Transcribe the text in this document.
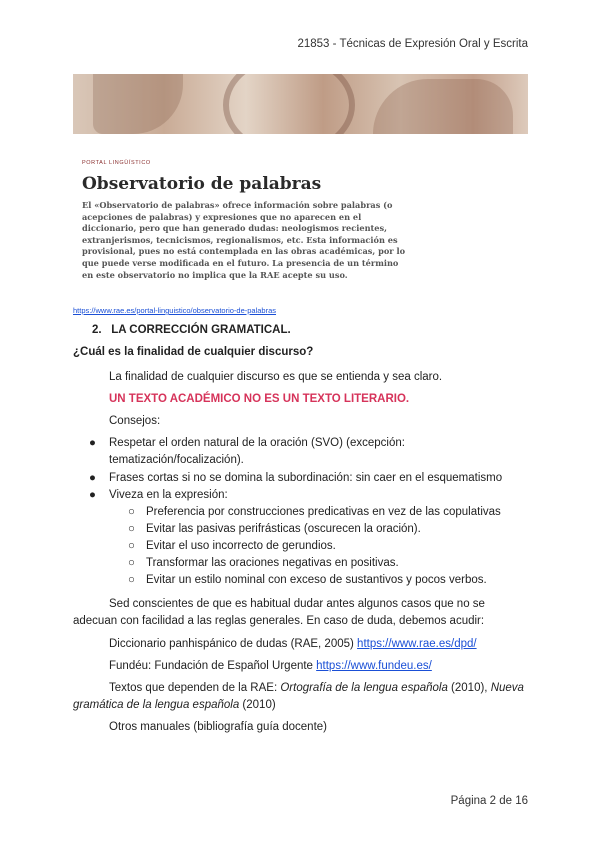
21853 - Técnicas de Expresión Oral y Escrita
PORTAL LINGÜÍSTICO
Observatorio de palabras
El «Observatorio de palabras» ofrece información sobre palabras (o acepciones de palabras) y expresiones que no aparecen en el diccionario, pero que han generado dudas: neologismos recientes, extranjerismos, tecnicismos, regionalismos, etc. Esta información es provisional, pues no está contemplada en las obras académicas, por lo que puede verse modificada en el futuro. La presencia de un término en este observatorio no implica que la RAE acepte su uso.
https://www.rae.es/portal-linguistico/observatorio-de-palabras
2. LA CORRECCIÓN GRAMATICAL.
¿Cuál es la finalidad de cualquier discurso?
La finalidad de cualquier discurso es que se entienda y sea claro.
UN TEXTO ACADÉMICO NO ES UN TEXTO LITERARIO.
Consejos:
● Respetar el orden natural de la oración (SVO) (excepción: tematización/focalización).
● Frases cortas si no se domina la subordinación: sin caer en el esquematismo
● Viveza en la expresión:
○ Preferencia por construcciones predicativas en vez de las copulativas
○ Evitar las pasivas perifrásticas (oscurecen la oración).
○ Evitar el uso incorrecto de gerundios.
○ Transformar las oraciones negativas en positivas.
○ Evitar un estilo nominal con exceso de sustantivos y pocos verbos.
Sed conscientes de que es habitual dudar antes algunos casos que no se adecuan con facilidad a las reglas generales. En caso de duda, debemos acudir:
Diccionario panhispánico de dudas (RAE, 2005) https://www.rae.es/dpd/
Fundéu: Fundación de Español Urgente https://www.fundeu.es/
Textos que dependen de la RAE: Ortografía de la lengua española (2010), Nueva gramática de la lengua española (2010)
Otros manuales (bibliografía guía docente)
Página 2 de 16
